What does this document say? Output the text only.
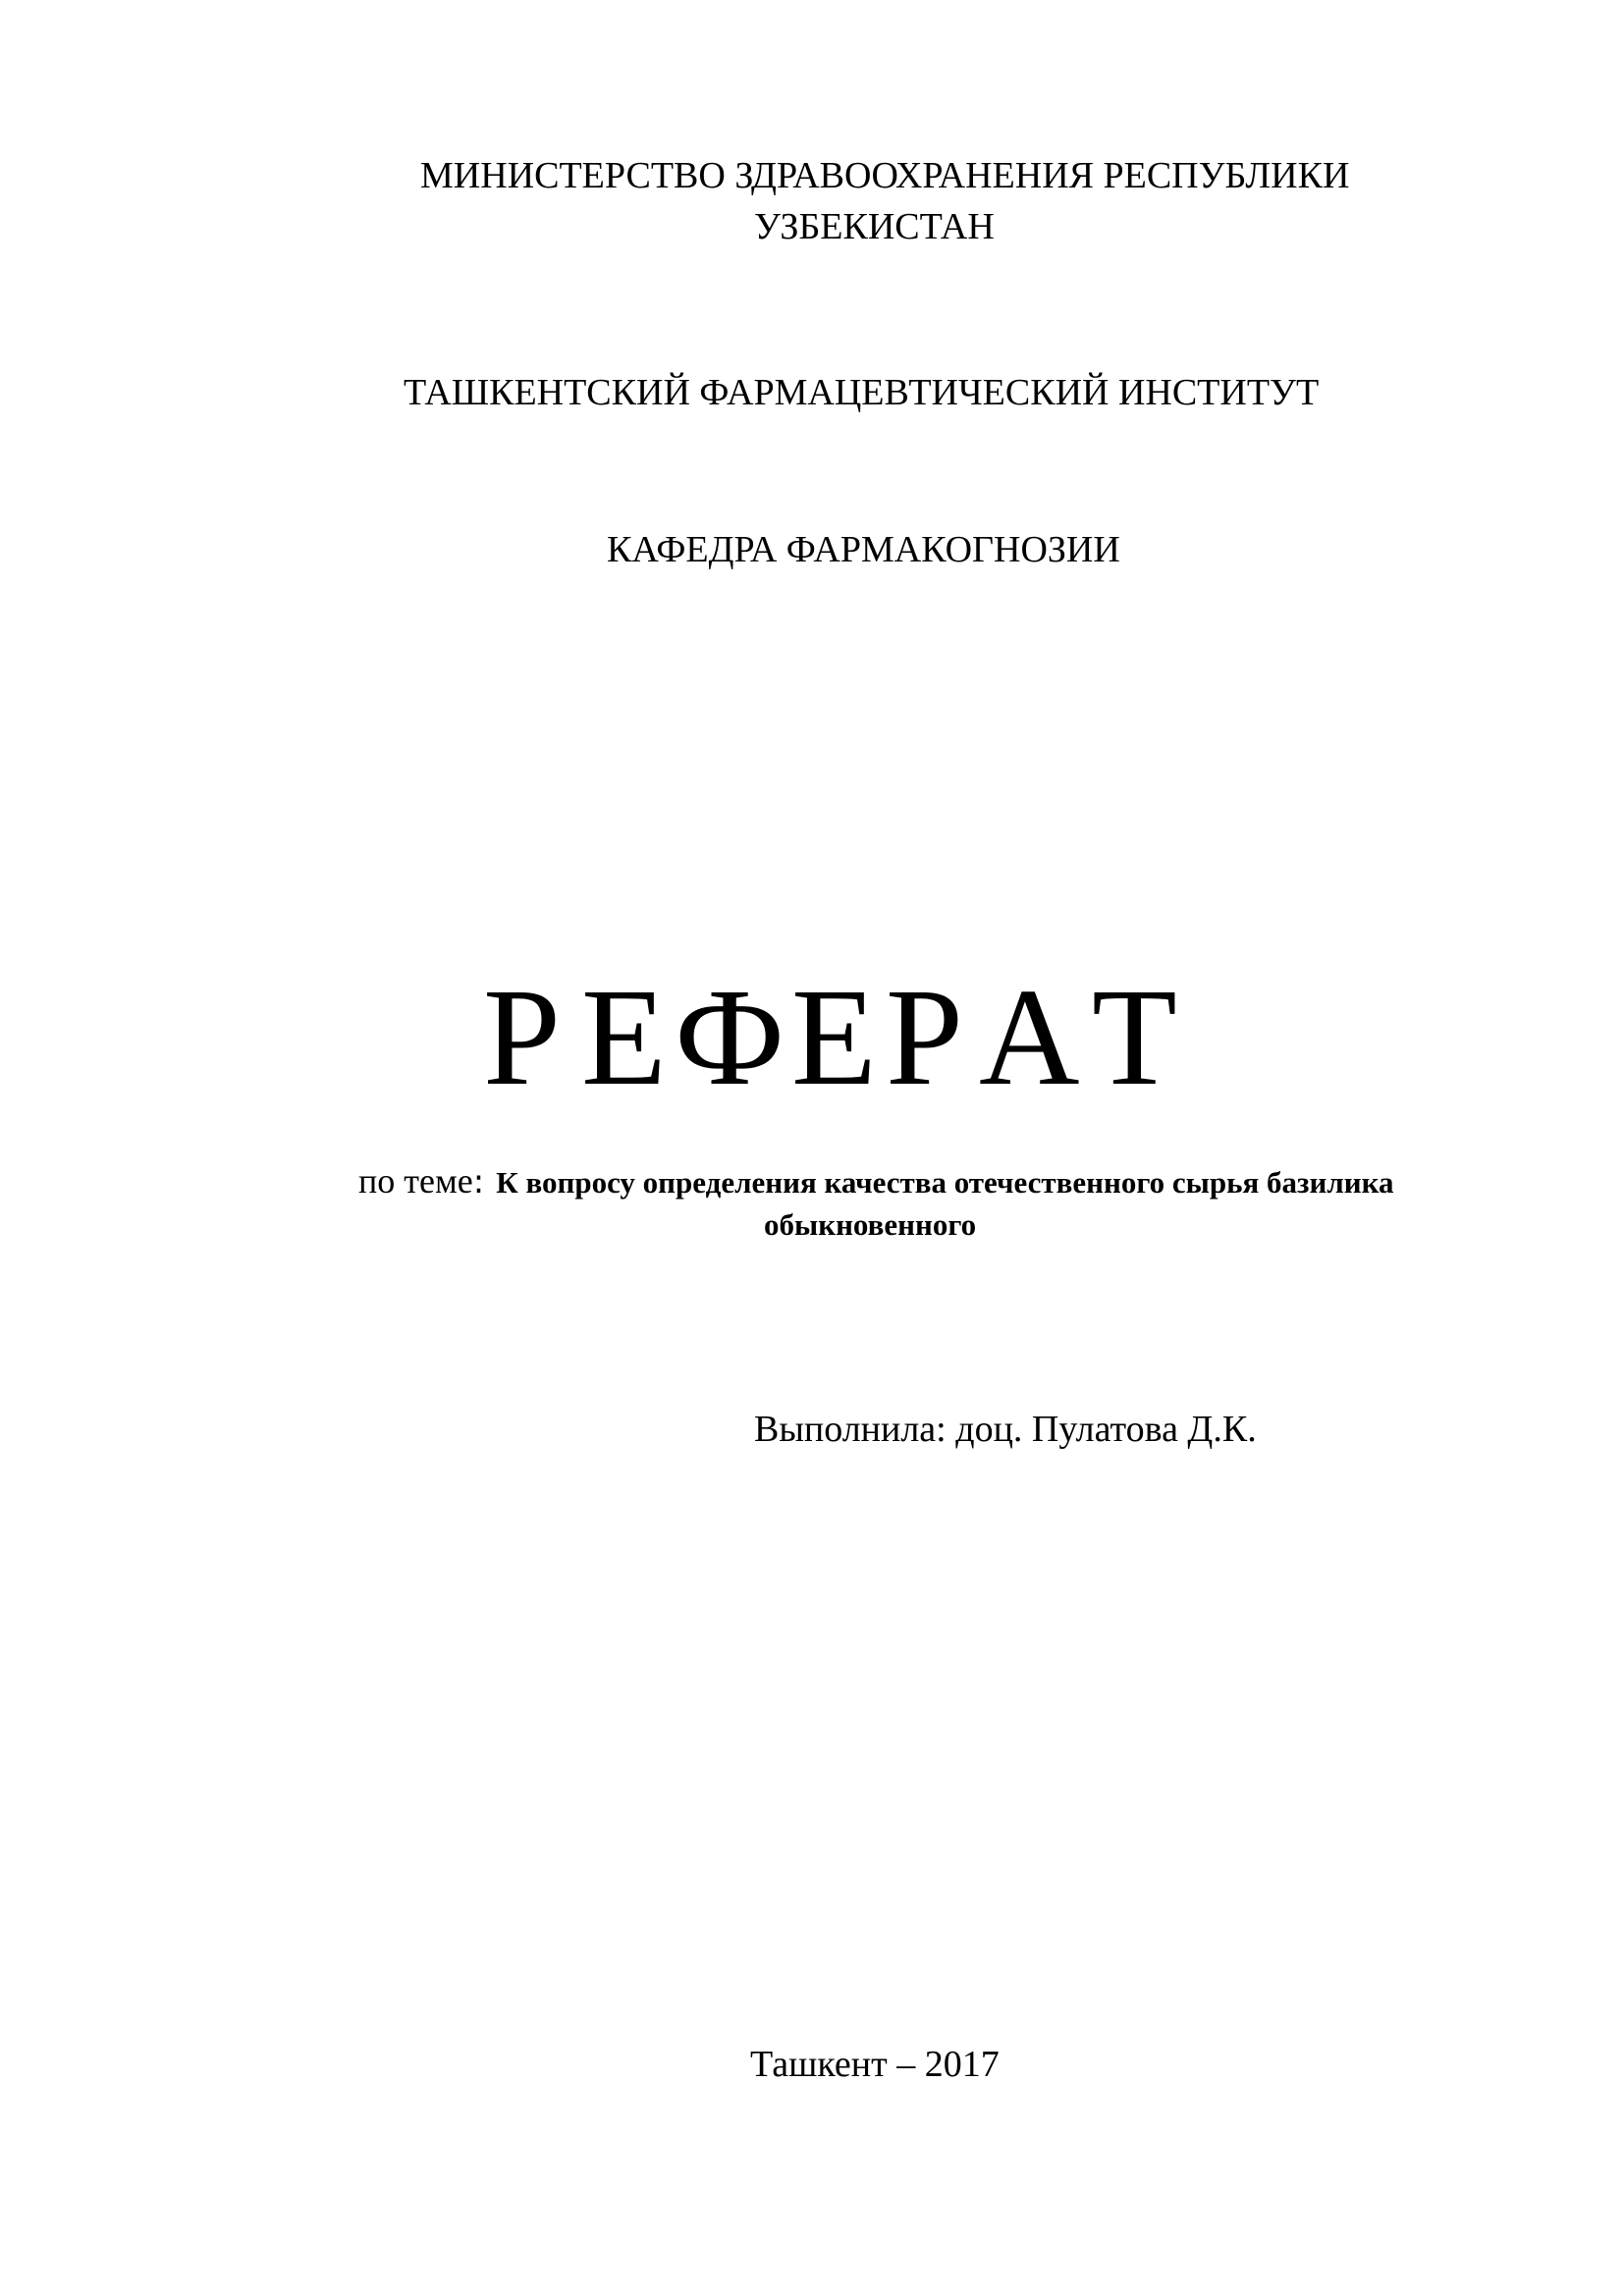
МИНИСТЕРСТВО ЗДРАВООХРАНЕНИЯ РЕСПУБЛИКИ
УЗБЕКИСТАН
ТАШКЕНТСКИЙ ФАРМАЦЕВТИЧЕСКИЙ ИНСТИТУТ
КАФЕДРА ФАРМАКОГНОЗИИ
Р Е Ф Е Р А Т
по теме: К вопросу определения качества отечественного сырья базилика
обыкновенного
Выполнила: доц. Пулатова Д.К.
Ташкент – 2017
